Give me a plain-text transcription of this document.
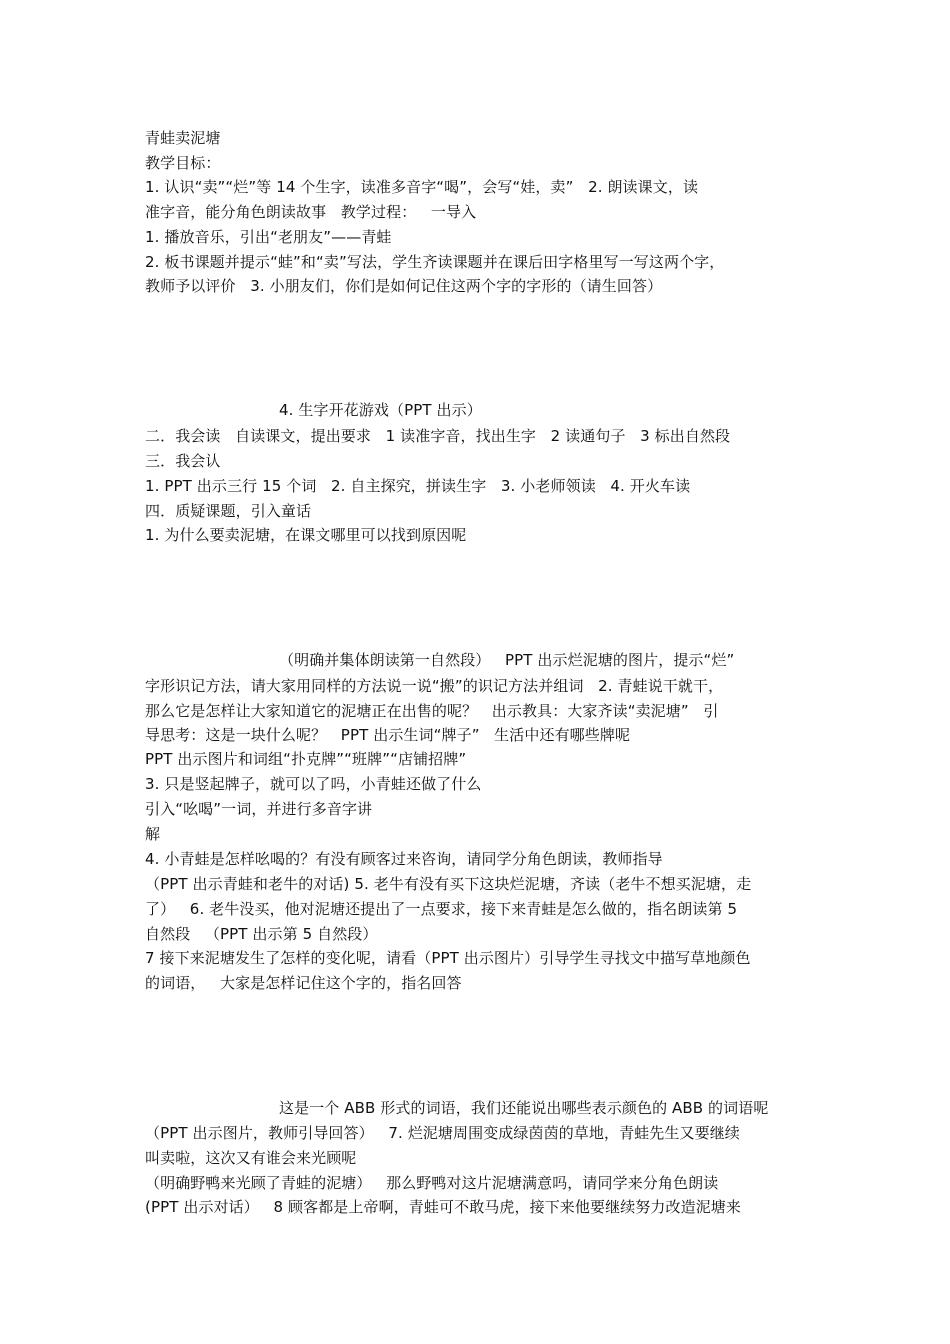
青蛙卖泥塘
教学目标：
1. 认识“卖”“烂”等 14 个生字，读准多音字“喝”，会写“娃，卖”   2. 朗读课文，读
准字音，能分角色朗读故事   教学过程：   一导入
1. 播放音乐，引出“老朋友”——青蛙
2. 板书课题并提示“蛙”和“卖”写法，学生齐读课题并在课后田字格里写一写这两个字，
教师予以评价   3. 小朋友们，你们是如何记住这两个字的字形的（请生回答）
4. 生字开花游戏（PPT 出示）
二．我会读   自读课文，提出要求   1 读准字音，找出生字   2 读通句子   3 标出自然段
三．我会认
1. PPT 出示三行 15 个词   2. 自主探究，拼读生字   3. 小老师领读   4. 开火车读
四．质疑课题，引入童话
1. 为什么要卖泥塘，在课文哪里可以找到原因呢
（明确并集体朗读第一自然段）   PPT 出示烂泥塘的图片，提示“烂”
字形识记方法，请大家用同样的方法说一说“搬”的识记方法并组词   2. 青蛙说干就干，
那么它是怎样让大家知道它的泥塘正在出售的呢？   出示教具：大家齐读“卖泥塘”   引
导思考：这是一块什么呢？   PPT 出示生词“牌子”   生活中还有哪些牌呢
PPT 出示图片和词组“扑克牌”“班牌”“店铺招牌”
3. 只是竖起牌子，就可以了吗，小青蛙还做了什么
引入“吆喝”一词，并进行多音字讲
解
4. 小青蛙是怎样吆喝的？有没有顾客过来咨询，请同学分角色朗读，教师指导
（PPT 出示青蛙和老牛的对话) 5. 老牛有没有买下这块烂泥塘，齐读（老牛不想买泥塘，走
了）   6. 老牛没买，他对泥塘还提出了一点要求，接下来青蛙是怎么做的，指名朗读第 5
自然段   （PPT 出示第 5 自然段）
7 接下来泥塘发生了怎样的变化呢，请看（PPT 出示图片）引导学生寻找文中描写草地颜色
的词语，   大家是怎样记住这个字的，指名回答
这是一个 ABB 形式的词语，我们还能说出哪些表示颜色的 ABB 的词语呢
（PPT 出示图片，教师引导回答）   7. 烂泥塘周围变成绿茵茵的草地，青蛙先生又要继续
叫卖啦，这次又有谁会来光顾呢
（明确野鸭来光顾了青蛙的泥塘）   那么野鸭对这片泥塘满意吗，请同学来分角色朗读
(PPT 出示对话）   8 顾客都是上帝啊，青蛙可不敢马虎，接下来他要继续努力改造泥塘来
